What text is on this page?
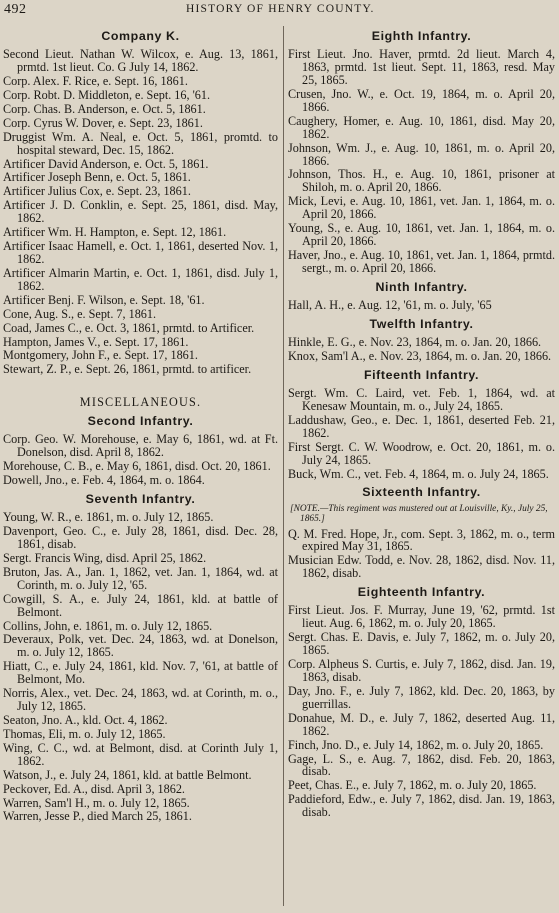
492	HISTORY OF HENRY COUNTY.
Company K.
Second Lieut. Nathan W. Wilcox, e. Aug. 13, 1861, prmtd. 1st lieut. Co. G July 14, 1862.
Corp. Alex. F. Rice, e. Sept. 16, 1861.
Corp. Robt. D. Middleton, e. Sept. 16, '61.
Corp. Chas. B. Anderson, e. Oct. 5, 1861.
Corp. Cyrus W. Dover, e. Sept. 23, 1861.
Druggist Wm. A. Neal, e. Oct. 5, 1861, promtd. to hospital steward, Dec. 15, 1862.
Artificer David Anderson, e. Oct. 5, 1861.
Artificer Joseph Benn, e. Oct. 5, 1861.
Artificer Julius Cox, e. Sept. 23, 1861.
Artificer J. D. Conklin, e. Sept. 25, 1861, disd. May, 1862.
Artificer Wm. H. Hampton, e. Sept. 12, 1861.
Artificer Isaac Hamell, e. Oct. 1, 1861, deserted Nov. 1, 1862.
Artificer Almarin Martin, e. Oct. 1, 1861, disd. July 1, 1862.
Artificer Benj. F. Wilson, e. Sept. 18, '61.
Cone, Aug. S., e. Sept. 7, 1861.
Coad, James C., e. Oct. 3, 1861, prmtd. to Artificer.
Hampton, James V., e. Sept. 17, 1861.
Montgomery, John F., e. Sept. 17, 1861.
Stewart, Z. P., e. Sept. 26, 1861, prmtd. to artificer.
MISCELLANEOUS.
Second Infantry.
Corp. Geo. W. Morehouse, e. May 6, 1861, wd. at Ft. Donelson, disd. April 8, 1862.
Morehouse, C. B., e. May 6, 1861, disd. Oct. 20, 1861.
Dowell, Jno., e. Feb. 4, 1864, m. o. 1864.
Seventh Infantry.
Young, W. R., e. 1861, m. o. July 12, 1865.
Davenport, Geo. C., e. July 28, 1861, disd. Dec. 28, 1861, disab.
Sergt. Francis Wing, disd. April 25, 1862.
Bruton, Jas. A., Jan. 1, 1862, vet. Jan. 1, 1864, wd. at Corinth, m. o. July 12, '65.
Cowgill, S. A., e. July 24, 1861, kld. at battle of Belmont.
Collins, John, e. 1861, m. o. July 12, 1865.
Deveraux, Polk, vet. Dec. 24, 1863, wd. at Donelson, m. o. July 12, 1865.
Hiatt, C., e. July 24, 1861, kld. Nov. 7, '61, at battle of Belmont, Mo.
Norris, Alex., vet. Dec. 24, 1863, wd. at Corinth, m. o., July 12, 1865.
Seaton, Jno. A., kld. Oct. 4, 1862.
Thomas, Eli, m. o. July 12, 1865.
Wing, C. C., wd. at Belmont, disd. at Corinth July 1, 1862.
Watson, J., e. July 24, 1861, kld. at battle Belmont.
Peckover, Ed. A., disd. April 3, 1862.
Warren, Sam'l H., m. o. July 12, 1865.
Warren, Jesse P., died March 25, 1861.
Eighth Infantry.
First Lieut. Jno. Haver, prmtd. 2d lieut. March 4, 1863, prmtd. 1st lieut. Sept. 11, 1863, resd. May 25, 1865.
Crusen, Jno. W., e. Oct. 19, 1864, m. o. April 20, 1866.
Caughery, Homer, e. Aug. 10, 1861, disd. May 20, 1862.
Johnson, Wm. J., e. Aug. 10, 1861, m. o. April 20, 1866.
Johnson, Thos. H., e. Aug. 10, 1861, prisoner at Shiloh, m. o. April 20, 1866.
Mick, Levi, e. Aug. 10, 1861, vet. Jan. 1, 1864, m. o. April 20, 1866.
Young, S., e. Aug. 10, 1861, vet. Jan. 1, 1864, m. o. April 20, 1866.
Haver, Jno., e. Aug. 10, 1861, vet. Jan. 1, 1864, prmtd. sergt., m. o. April 20, 1866.
Ninth Infantry.
Hall, A. H., e. Aug. 12, '61, m. o. July, '65
Twelfth Infantry.
Hinkle, E. G., e. Nov. 23, 1864, m. o. Jan. 20, 1866.
Knox, Sam'l A., e. Nov. 23, 1864, m. o. Jan. 20, 1866.
Fifteenth Infantry.
Sergt. Wm. C. Laird, vet. Feb. 1, 1864, wd. at Kenesaw Mountain, m. o., July 24, 1865.
Laddushaw, Geo., e. Dec. 1, 1861, deserted Feb. 21, 1862.
First Sergt. C. W. Woodrow, e. Oct. 20, 1861, m. o. July 24, 1865.
Buck, Wm. C., vet. Feb. 4, 1864, m. o. July 24, 1865.
Sixteenth Infantry.
[NOTE.—This regiment was mustered out at Louisville, Ky., July 25, 1865.]
Q. M. Fred. Hope, Jr., com. Sept. 3, 1862, m. o., term expired May 31, 1865.
Musician Edw. Todd, e. Nov. 28, 1862, disd. Nov. 11, 1862, disab.
Eighteenth Infantry.
First Lieut. Jos. F. Murray, June 19, '62, prmtd. 1st lieut. Aug. 6, 1862, m. o. July 20, 1865.
Sergt. Chas. E. Davis, e. July 7, 1862, m. o. July 20, 1865.
Corp. Alpheus S. Curtis, e. July 7, 1862, disd. Jan. 19, 1863, disab.
Day, Jno. F., e. July 7, 1862, kld. Dec. 20, 1863, by guerrillas.
Donahue, M. D., e. July 7, 1862, deserted Aug. 11, 1862.
Finch, Jno. D., e. July 14, 1862, m. o. July 20, 1865.
Gage, L. S., e. Aug. 7, 1862, disd. Feb. 20, 1863, disab.
Peet, Chas. E., e. July 7, 1862, m. o. July 20, 1865.
Paddieford, Edw., e. July 7, 1862, disd. Jan. 19, 1863, disab.
